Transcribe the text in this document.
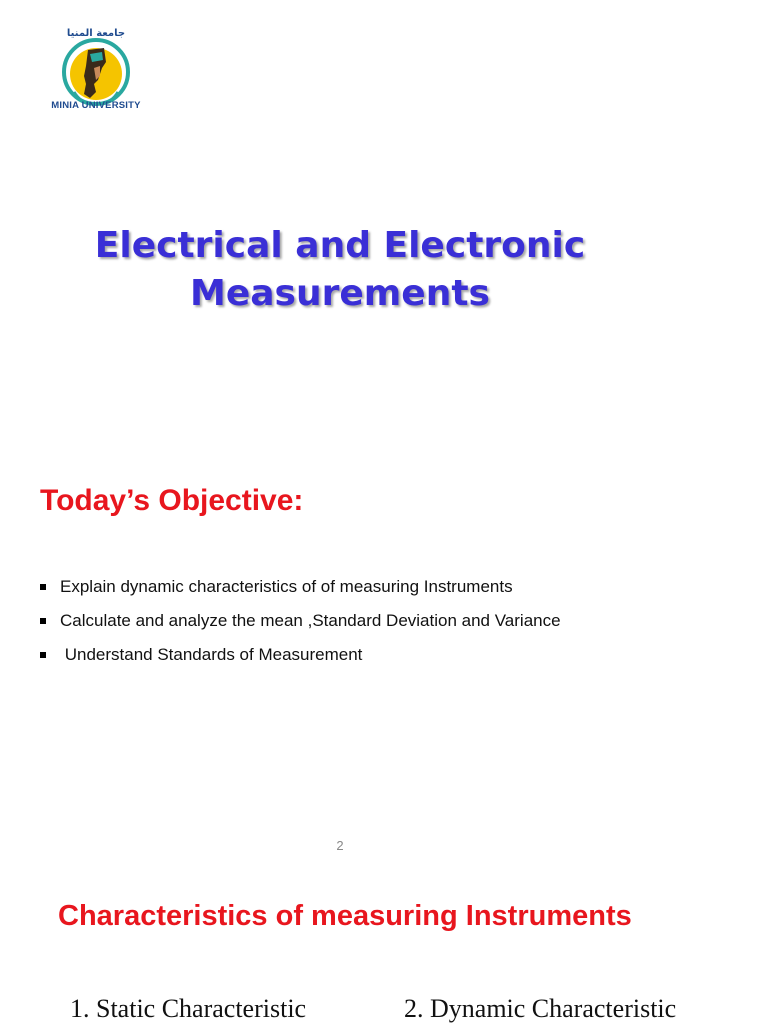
جامعة المنيا
MINIA UNIVERSITY
Electrical and Electronic
Measurements
Today’s Objective:
Explain dynamic characteristics of of measuring Instruments
Calculate and analyze the mean ,Standard Deviation and Variance
Understand Standards of Measurement
2
Characteristics of measuring Instruments
1. Static Characteristic	2. Dynamic Characteristic
